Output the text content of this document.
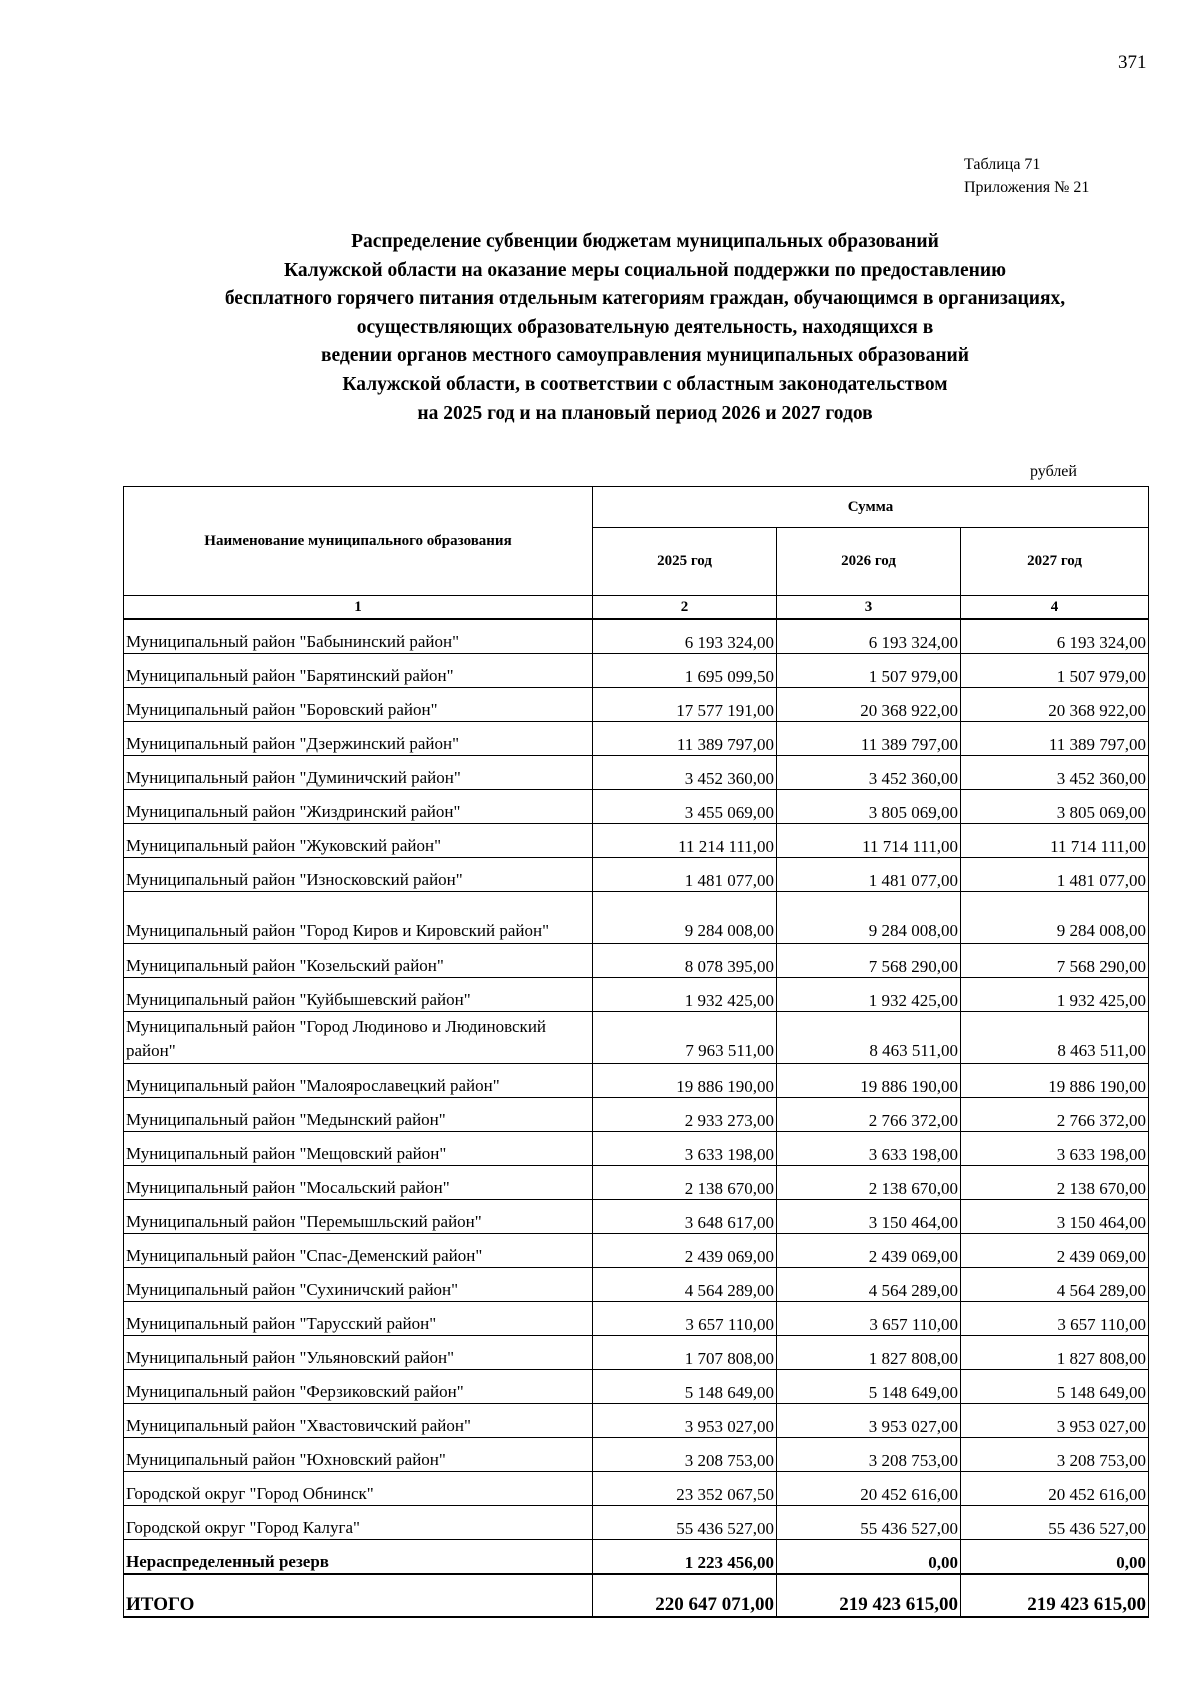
371
Таблица 71
Приложения № 21
Распределение субвенции бюджетам муниципальных образований
Калужской области на оказание меры социальной поддержки по предоставлению
бесплатного горячего питания отдельным категориям граждан, обучающимся в организациях,
осуществляющих образовательную деятельность, находящихся в
ведении органов местного самоуправления муниципальных образований
Калужской области, в соответствии с областным законодательством
на 2025 год и на плановый период 2026 и 2027 годов
рублей
Наименование муниципального образования	Сумма		
	2025 год	2026 год	2027 год
1	2	3	4
Муниципальный район "Бабынинский район"	6 193 324,00	6 193 324,00	6 193 324,00
Муниципальный район "Барятинский район"	1 695 099,50	1 507 979,00	1 507 979,00
Муниципальный район "Боровский район"	17 577 191,00	20 368 922,00	20 368 922,00
Муниципальный район "Дзержинский район"	11 389 797,00	11 389 797,00	11 389 797,00
Муниципальный район "Думиничский район"	3 452 360,00	3 452 360,00	3 452 360,00
Муниципальный район "Жиздринский район"	3 455 069,00	3 805 069,00	3 805 069,00
Муниципальный район "Жуковский район"	11 214 111,00	11 714 111,00	11 714 111,00
Муниципальный район "Износковский район"	1 481 077,00	1 481 077,00	1 481 077,00
Муниципальный район "Город Киров и Кировский район"	9 284 008,00	9 284 008,00	9 284 008,00
Муниципальный район "Козельский район"	8 078 395,00	7 568 290,00	7 568 290,00
Муниципальный район "Куйбышевский район"	1 932 425,00	1 932 425,00	1 932 425,00
Муниципальный район "Город Людиново и Людиновский район"	7 963 511,00	8 463 511,00	8 463 511,00
Муниципальный район "Малоярославецкий район"	19 886 190,00	19 886 190,00	19 886 190,00
Муниципальный район "Медынский район"	2 933 273,00	2 766 372,00	2 766 372,00
Муниципальный район "Мещовский район"	3 633 198,00	3 633 198,00	3 633 198,00
Муниципальный район "Мосальский район"	2 138 670,00	2 138 670,00	2 138 670,00
Муниципальный район "Перемышльский район"	3 648 617,00	3 150 464,00	3 150 464,00
Муниципальный район "Спас-Деменский район"	2 439 069,00	2 439 069,00	2 439 069,00
Муниципальный район "Сухиничский район"	4 564 289,00	4 564 289,00	4 564 289,00
Муниципальный район "Тарусский район"	3 657 110,00	3 657 110,00	3 657 110,00
Муниципальный район "Ульяновский район"	1 707 808,00	1 827 808,00	1 827 808,00
Муниципальный район "Ферзиковский район"	5 148 649,00	5 148 649,00	5 148 649,00
Муниципальный район "Хвастовичский район"	3 953 027,00	3 953 027,00	3 953 027,00
Муниципальный район "Юхновский район"	3 208 753,00	3 208 753,00	3 208 753,00
Городской округ "Город Обнинск"	23 352 067,50	20 452 616,00	20 452 616,00
Городской округ "Город Калуга"	55 436 527,00	55 436 527,00	55 436 527,00
Нераспределенный резерв	1 223 456,00	0,00	0,00
ИТОГО	220 647 071,00	219 423 615,00	219 423 615,00
